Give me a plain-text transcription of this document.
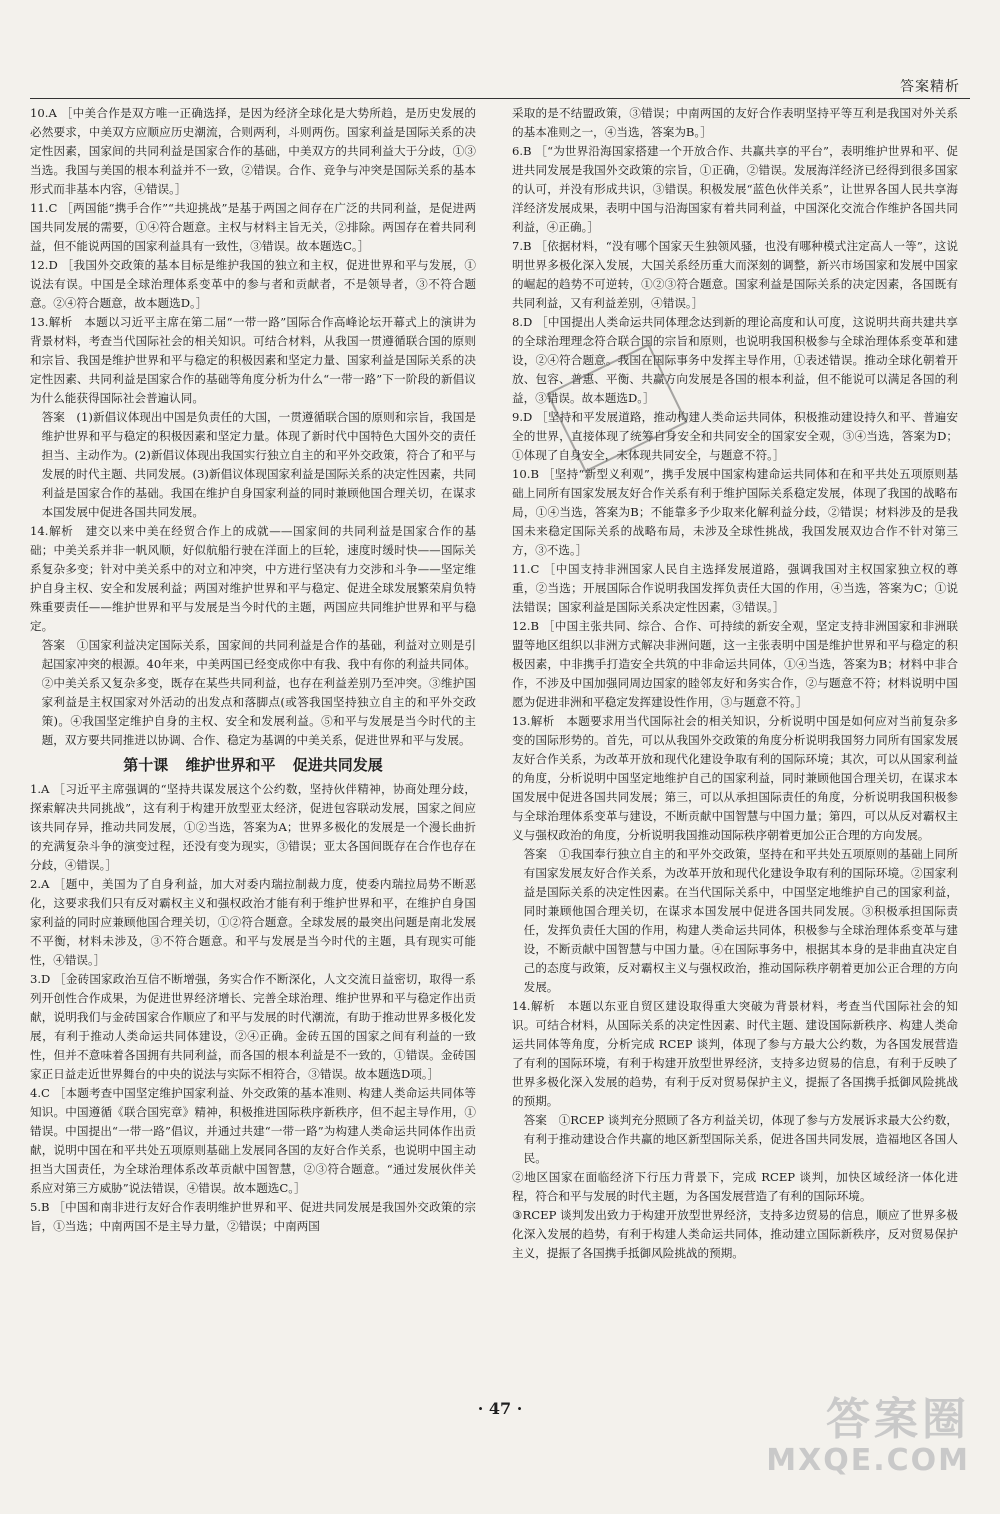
答案精析

10.A ［中美合作是双方唯一正确选择，是因为经济全球化是大势所趋，是历史发展的必然要求，中美双方应顺应历史潮流，合则两利，斗则两伤。国家利益是国际关系的决定性因素，国家间的共同利益是国家合作的基础，中美双方的共同利益大于分歧，①③当选。我国与美国的根本利益并不一致，②错误。合作、竞争与冲突是国际关系的基本形式而非基本内容，④错误。］

11.C ［两国能“携手合作”“共迎挑战”是基于两国之间存在广泛的共同利益，是促进两国共同发展的需要，①④符合题意。主权与材料主旨无关，②排除。两国存在着共同利益，但不能说两国的国家利益具有一致性，③错误。故本题选C。］

12.D ［我国外交政策的基本目标是维护我国的独立和主权，促进世界和平与发展，①说法有误。中国是全球治理体系变革中的参与者和贡献者，不是领导者，③不符合题意。②④符合题意，故本题选D。］

13.解析　本题以习近平主席在第二届“一带一路”国际合作高峰论坛开幕式上的演讲为背景材料，考查当代国际社会的相关知识。可结合材料，从我国一贯遵循联合国的原则和宗旨、我国是维护世界和平与稳定的积极因素和坚定力量、国家利益是国际关系的决定性因素、共同利益是国家合作的基础等角度分析为什么“一带一路”下一阶段的新倡议为什么能获得国际社会普遍认同。

答案　(1)新倡议体现出中国是负责任的大国，一贯遵循联合国的原则和宗旨，我国是维护世界和平与稳定的积极因素和坚定力量。体现了新时代中国特色大国外交的责任担当、主动作为。(2)新倡议体现出我国实行独立自主的和平外交政策，符合了和平与发展的时代主题、共同发展。(3)新倡议体现国家利益是国际关系的决定性因素，共同利益是国家合作的基础。我国在维护自身国家利益的同时兼顾他国合理关切，在谋求本国发展中促进各国共同发展。

14.解析　建交以来中美在经贸合作上的成就——国家间的共同利益是国家合作的基础；中美关系并非一帆风顺，好似航船行驶在洋面上的巨轮，速度时缓时快——国际关系复杂多变；针对中美关系中的对立和冲突，中方进行坚决有力交涉和斗争——坚定维护自身主权、安全和发展利益；两国对维护世界和平与稳定、促进全球发展繁荣肩负特殊重要责任——维护世界和平与发展是当今时代的主题，两国应共同维护世界和平与稳定。

答案　①国家利益决定国际关系，国家间的共同利益是合作的基础，利益对立则是引起国家冲突的根源。40年来，中美两国已经变成你中有我、我中有你的利益共同体。②中美关系又复杂多变，既存在某些共同利益，也存在利益差别乃至冲突。③维护国家利益是主权国家对外活动的出发点和落脚点(或答我国坚持独立自主的和平外交政策)。④我国坚定维护自身的主权、安全和发展利益。⑤和平与发展是当今时代的主题，双方要共同推进以协调、合作、稳定为基调的中美关系，促进世界和平与发展。

第十课 维护世界和平 促进共同发展

1.A ［习近平主席强调的“坚持共谋发展这个公约数，坚持伙伴精神，协商处理分歧，探索解决共同挑战”，这有利于构建开放型亚太经济，促进包容联动发展，国家之间应该共同存异，推动共同发展，①②当选，答案为A；世界多极化的发展是一个漫长曲折的充满复杂斗争的演变过程，还没有变为现实，③错误；亚太各国间既存在合作也存在分歧，④错误。］

2.A ［题中，美国为了自身利益，加大对委内瑞拉制裁力度，使委内瑞拉局势不断恶化，这要求我们只有反对霸权主义和强权政治才能有利于维护世界和平，在维护自身国家利益的同时应兼顾他国合理关切，①②符合题意。全球发展的最突出问题是南北发展不平衡，材料未涉及，③不符合题意。和平与发展是当今时代的主题，具有现实可能性，④错误。］

3.D ［金砖国家政治互信不断增强，务实合作不断深化，人文交流日益密切，取得一系列开创性合作成果，为促进世界经济增长、完善全球治理、维护世界和平与稳定作出贡献，说明我们与金砖国家合作顺应了和平与发展的时代潮流，有助于推动世界多极化发展，有利于推动人类命运共同体建设，②④正确。金砖五国的国家之间有利益的一致性，但并不意味着各国拥有共同利益，而各国的根本利益是不一致的，①错误。金砖国家正日益走近世界舞台的中央的说法与实际不相符合，③错误。故本题选D项。］

4.C ［本题考查中国坚定维护国家利益、外交政策的基本准则、构建人类命运共同体等知识。中国遵循《联合国宪章》精神，积极推进国际秩序新秩序，但不起主导作用，①错误。中国提出“一带一路”倡议，并通过共建“一带一路”为构建人类命运共同体作出贡献，说明中国在和平共处五项原则基础上发展同各国的友好合作关系，也说明中国主动担当大国责任，为全球治理体系改革贡献中国智慧，②③符合题意。“通过发展伙伴关系应对第三方威胁”说法错误，④错误。故本题选C。］

5.B ［中国和南非进行友好合作表明维护世界和平、促进共同发展是我国外交政策的宗旨，①当选；中南两国不是主导力量，②错误；中南两国

采取的是不结盟政策，③错误；中南两国的友好合作表明坚持平等互利是我国对外关系的基本准则之一，④当选，答案为B。］

6.B ［“为世界沿海国家搭建一个开放合作、共赢共享的平台”，表明维护世界和平、促进共同发展是我国外交政策的宗旨，①正确，②错误。发展海洋经济已经得到很多国家的认可，并没有形成共识，③错误。积极发展“蓝色伙伴关系”，让世界各国人民共享海洋经济发展成果，表明中国与沿海国家有着共同利益，中国深化交流合作维护各国共同利益，④正确。］

7.B ［依据材料，“没有哪个国家天生独领风骚，也没有哪种模式注定高人一等”，这说明世界多极化深入发展，大国关系经历重大而深刻的调整，新兴市场国家和发展中国家的崛起的趋势不可逆转，①②③符合题意。国家利益是国际关系的决定因素，各国既有共同利益，又有利益差别，④错误。］

8.D ［中国提出人类命运共同体理念达到新的理论高度和认可度，这说明共商共建共享的全球治理理念符合联合国的宗旨和原则，也说明我国积极参与全球治理体系变革和建设，②④符合题意。我国在国际事务中发挥主导作用，①表述错误。推动全球化朝着开放、包容、普惠、平衡、共赢方向发展是各国的根本利益，但不能说可以满足各国的利益，③错误。故本题选D。］

9.D ［坚持和平发展道路，推动构建人类命运共同体，积极推动建设持久和平、普遍安全的世界，直接体现了统筹自身安全和共同安全的国家安全观，③④当选，答案为D；①体现了自身安全，未体现共同安全，与题意不符。］

10.B ［坚持“新型义利观”，携手发展中国家构建命运共同体和在和平共处五项原则基础上同所有国家发展友好合作关系有利于维护国际关系稳定发展，体现了我国的战略布局，①④当选，答案为B；不能靠多予少取来化解利益分歧，②错误；材料涉及的是我国未来稳定国际关系的战略布局，未涉及全球性挑战，我国发展双边合作不针对第三方，③不选。］

11.C ［中国支持非洲国家人民自主选择发展道路，强调我国对主权国家独立权的尊重，②当选；开展国际合作说明我国发挥负责任大国的作用，④当选，答案为C；①说法错误；国家利益是国际关系决定性因素，③错误。］

12.B ［中国主张共同、综合、合作、可持续的新安全观，坚定支持非洲国家和非洲联盟等地区组织以非洲方式解决非洲问题，这一主张表明中国是维护世界和平与稳定的积极因素，中非携手打造安全共筑的中非命运共同体，①④当选，答案为B；材料中非合作，不涉及中国加强同周边国家的睦邻友好和务实合作，②与题意不符；材料说明中国愿为促进非洲和平稳定发挥建设性作用，③与题意不符。］

13.解析　本题要求用当代国际社会的相关知识，分析说明中国是如何应对当前复杂多变的国际形势的。首先，可以从我国外交政策的角度分析说明我国努力同所有国家发展友好合作关系，为改革开放和现代化建设争取有利的国际环境；其次，可以从国家利益的角度，分析说明中国坚定地维护自己的国家利益，同时兼顾他国合理关切，在谋求本国发展中促进各国共同发展；第三，可以从承担国际责任的角度，分析说明我国积极参与全球治理体系变革与建设，不断贡献中国智慧与中国力量；第四，可以从反对霸权主义与强权政治的角度，分析说明我国推动国际秩序朝着更加公正合理的方向发展。

答案　①我国奉行独立自主的和平外交政策，坚持在和平共处五项原则的基础上同所有国家发展友好合作关系，为改革开放和现代化建设争取有利的国际环境。②国家利益是国际关系的决定性因素。在当代国际关系中，中国坚定地维护自己的国家利益，同时兼顾他国合理关切，在谋求本国发展中促进各国共同发展。③积极承担国际责任，发挥负责任大国的作用，构建人类命运共同体，积极参与全球治理体系变革与建设，不断贡献中国智慧与中国力量。④在国际事务中，根据其本身的是非曲直决定自己的态度与政策，反对霸权主义与强权政治，推动国际秩序朝着更加公正合理的方向发展。

14.解析　本题以东亚自贸区建设取得重大突破为背景材料，考查当代国际社会的知识。可结合材料，从国际关系的决定性因素、时代主题、建设国际新秩序、构建人类命运共同体等角度，分析完成 RCEP 谈判，体现了参与方最大公约数，为各国发展营造了有利的国际环境，有利于构建开放型世界经济，支持多边贸易的信息，有利于反映了世界多极化深入发展的趋势，有利于反对贸易保护主义，提振了各国携手抵御风险挑战的预期。

答案　①RCEP 谈判充分照顾了各方利益关切，体现了参与方发展诉求最大公约数，有利于推动建设合作共赢的地区新型国际关系，促进各国共同发展，造福地区各国人民。

②地区国家在面临经济下行压力背景下，完成 RCEP 谈判，加快区域经济一体化进程，符合和平与发展的时代主题，为各国发展营造了有利的国际环境。

③RCEP 谈判发出致力于构建开放型世界经济，支持多边贸易的信息，顺应了世界多极化深入发展的趋势，有利于构建人类命运共同体，推动建立国际新秩序，反对贸易保护主义，提振了各国携手抵御风险挑战的预期。

· 47 ·	答案圈
MXQE.COM
